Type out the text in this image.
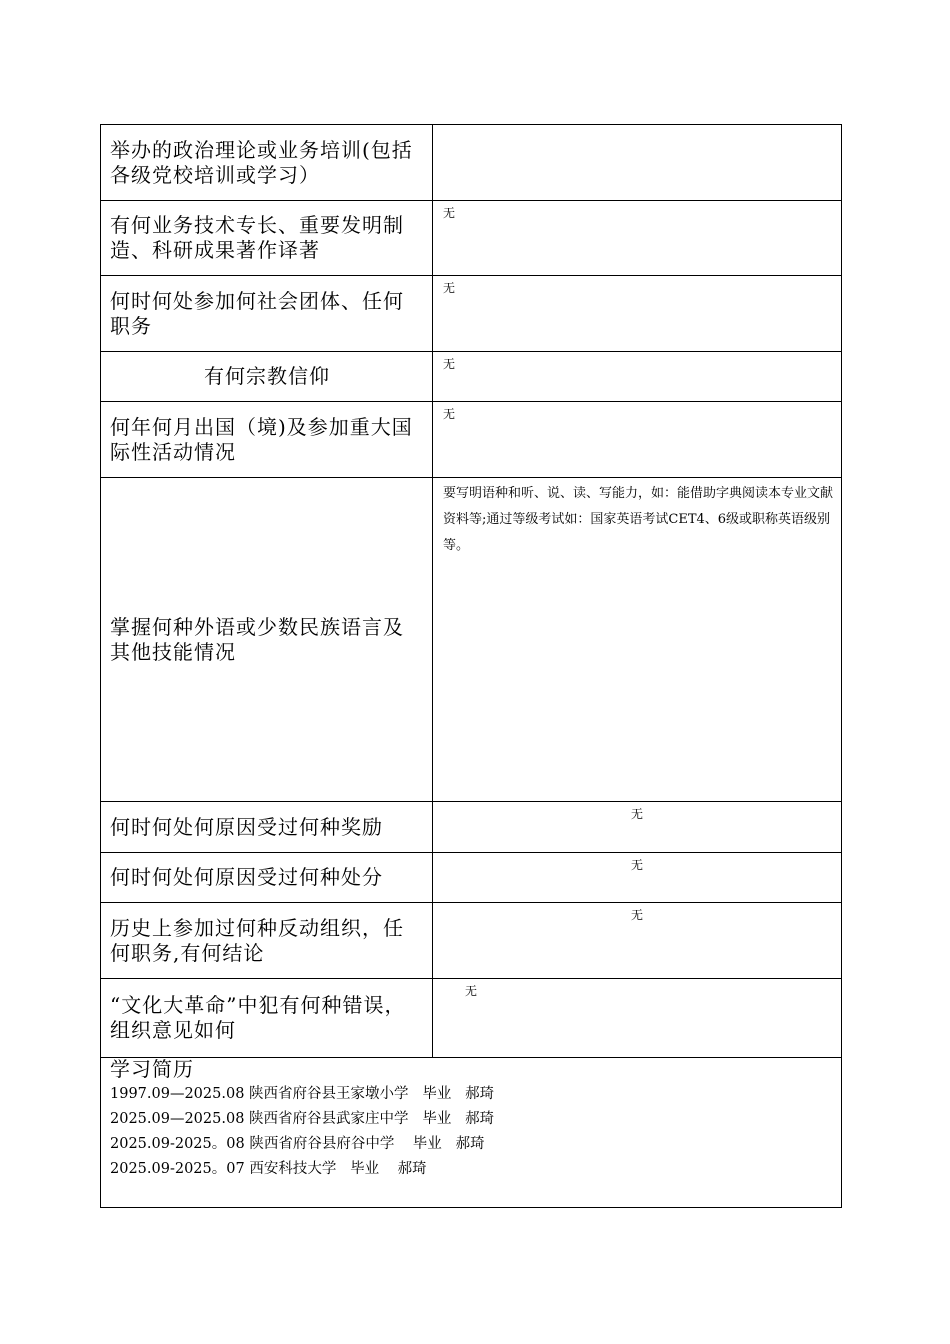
举办的政治理论或业务培训(包括各级党校培训或学习）	
有何业务技术专长、重要发明制造、科研成果著作译著	无
何时何处参加何社会团体、任何职务	无
有何宗教信仰	无
何年何月出国（境)及参加重大国际性活动情况	无
掌握何种外语或少数民族语言及其他技能情况	要写明语种和听、说、读、写能力，如：能借助字典阅读本专业文献资料等;通过等级考试如：国家英语考试CET4、6级或职称英语级别等。
何时何处何原因受过何种奖励	无
何时何处何原因受过何种处分	无
历史上参加过何种反动组织，任何职务,有何结论	无
“文化大革命”中犯有何种错误，组织意见如何	无

学习简历
1997.09—2025.08 陕西省府谷县王家墩小学   毕业   郝琦
2025.09—2025.08 陕西省府谷县武家庄中学   毕业   郝琦
2025.09-2025。08 陕西省府谷县府谷中学    毕业   郝琦
2025.09-2025。07 西安科技大学   毕业    郝琦	
